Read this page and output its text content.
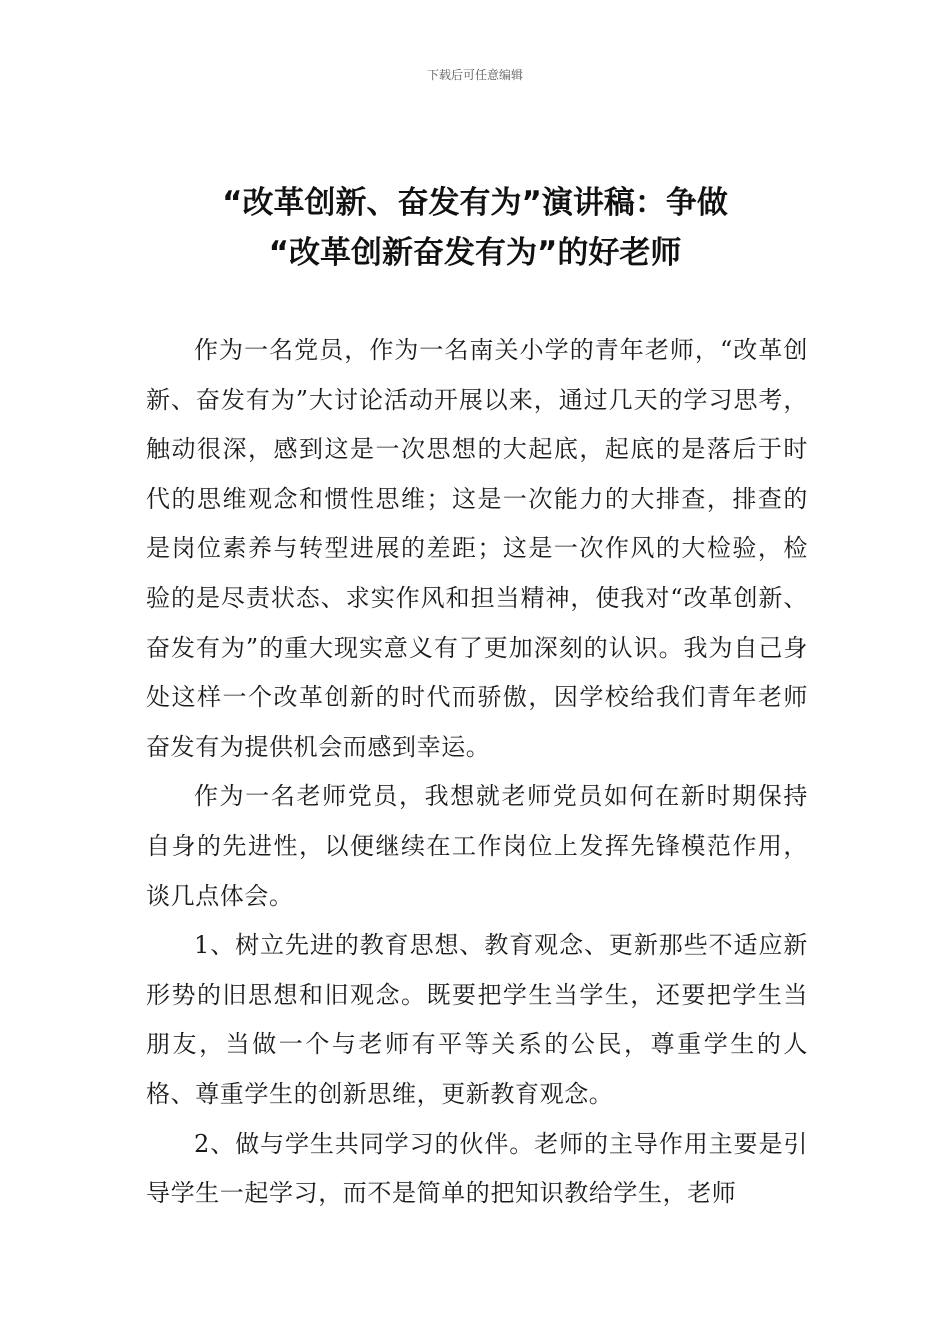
下载后可任意编辑
“改革创新、奋发有为”演讲稿：争做
“改革创新奋发有为”的好老师

作为一名党员，作为一名南关小学的青年老师，“改革创新、奋发有为”大讨论活动开展以来，通过几天的学习思考，触动很深，感到这是一次思想的大起底，起底的是落后于时代的思维观念和惯性思维；这是一次能力的大排查，排查的是岗位素养与转型进展的差距；这是一次作风的大检验，检验的是尽责状态、求实作风和担当精神，使我对“改革创新、奋发有为”的重大现实意义有了更加深刻的认识。我为自己身处这样一个改革创新的时代而骄傲，因学校给我们青年老师奋发有为提供机会而感到幸运。

作为一名老师党员，我想就老师党员如何在新时期保持自身的先进性，以便继续在工作岗位上发挥先锋模范作用，谈几点体会。

1、树立先进的教育思想、教育观念、更新那些不适应新形势的旧思想和旧观念。既要把学生当学生，还要把学生当朋友，当做一个与老师有平等关系的公民，尊重学生的人格、尊重学生的创新思维，更新教育观念。

2、做与学生共同学习的伙伴。老师的主导作用主要是引导学生一起学习，而不是简单的把知识教给学生，老师
